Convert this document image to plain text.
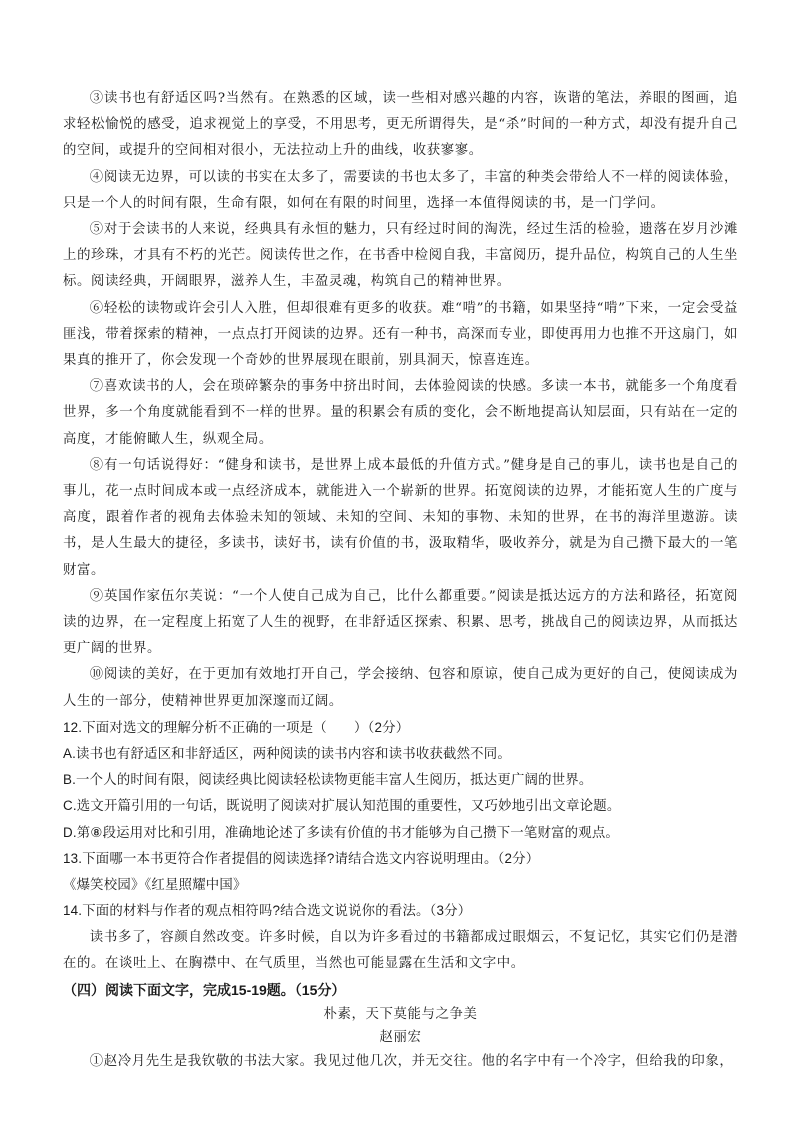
③读书也有舒适区吗?当然有。在熟悉的区域，读一些相对感兴趣的内容，诙谐的笔法，养眼的图画，追求轻松愉悦的感受，追求视觉上的享受，不用思考，更无所谓得失，是“杀”时间的一种方式，却没有提升自己的空间，或提升的空间相对很小，无法拉动上升的曲线，收获寥寥。

④阅读无边界，可以读的书实在太多了，需要读的书也太多了，丰富的种类会带给人不一样的阅读体验，只是一个人的时间有限，生命有限，如何在有限的时间里，选择一本值得阅读的书，是一门学问。

⑤对于会读书的人来说，经典具有永恒的魅力，只有经过时间的淘洗，经过生活的检验，遗落在岁月沙滩上的珍珠，才具有不朽的光芒。阅读传世之作，在书香中检阅自我，丰富阅历，提升品位，构筑自己的人生坐标。阅读经典，开阔眼界，滋养人生，丰盈灵魂，构筑自己的精神世界。

⑥轻松的读物或许会引人入胜，但却很难有更多的收获。难“啃”的书籍，如果坚持“啃”下来，一定会受益匪浅，带着探索的精神，一点点打开阅读的边界。还有一种书，高深而专业，即使再用力也推不开这扇门，如果真的推开了，你会发现一个奇妙的世界展现在眼前，别具洞天，惊喜连连。

⑦喜欢读书的人，会在琐碎繁杂的事务中挤出时间，去体验阅读的快感。多读一本书，就能多一个角度看世界，多一个角度就能看到不一样的世界。量的积累会有质的变化，会不断地提高认知层面，只有站在一定的高度，才能俯瞰人生，纵观全局。

⑧有一句话说得好：“健身和读书，是世界上成本最低的升值方式。”健身是自己的事儿，读书也是自己的事儿，花一点时间成本或一点经济成本，就能进入一个崭新的世界。拓宽阅读的边界，才能拓宽人生的广度与高度，跟着作者的视角去体验未知的领域、未知的空间、未知的事物、未知的世界，在书的海洋里遨游。读书，是人生最大的捷径，多读书，读好书，读有价值的书，汲取精华，吸收养分，就是为自己攒下最大的一笔财富。

⑨英国作家伍尔芙说：“一个人使自己成为自己，比什么都重要。”阅读是抵达远方的方法和路径，拓宽阅读的边界，在一定程度上拓宽了人生的视野，在非舒适区探索、积累、思考，挑战自己的阅读边界，从而抵达更广阔的世界。

⑩阅读的美好，在于更加有效地打开自己，学会接纳、包容和原谅，使自己成为更好的自己，使阅读成为人生的一部分，使精神世界更加深邃而辽阔。

12.下面对选文的理解分析不正确的一项是（　　）（2分）

A.读书也有舒适区和非舒适区，两种阅读的读书内容和读书收获截然不同。

B.一个人的时间有限，阅读经典比阅读轻松读物更能丰富人生阅历，抵达更广阔的世界。

C.选文开篇引用的一句话，既说明了阅读对扩展认知范围的重要性，又巧妙地引出文章论题。

D.第⑧段运用对比和引用，准确地论述了多读有价值的书才能够为自己攒下一笔财富的观点。

13.下面哪一本书更符合作者提倡的阅读选择?请结合选文内容说明理由。（2分）

《爆笑校园》《红星照耀中国》

14.下面的材料与作者的观点相符吗?结合选文说说你的看法。（3分）

读书多了，容颜自然改变。许多时候，自以为许多看过的书籍都成过眼烟云，不复记忆，其实它们仍是潜在的。在谈吐上、在胸襟中、在气质里，当然也可能显露在生活和文字中。

（四）阅读下面文字，完成15-19题。（15分）

朴素，天下莫能与之争美

赵丽宏

①赵冷月先生是我钦敬的书法大家。我见过他几次，并无交往。他的名字中有一个冷字，但给我的印象，
